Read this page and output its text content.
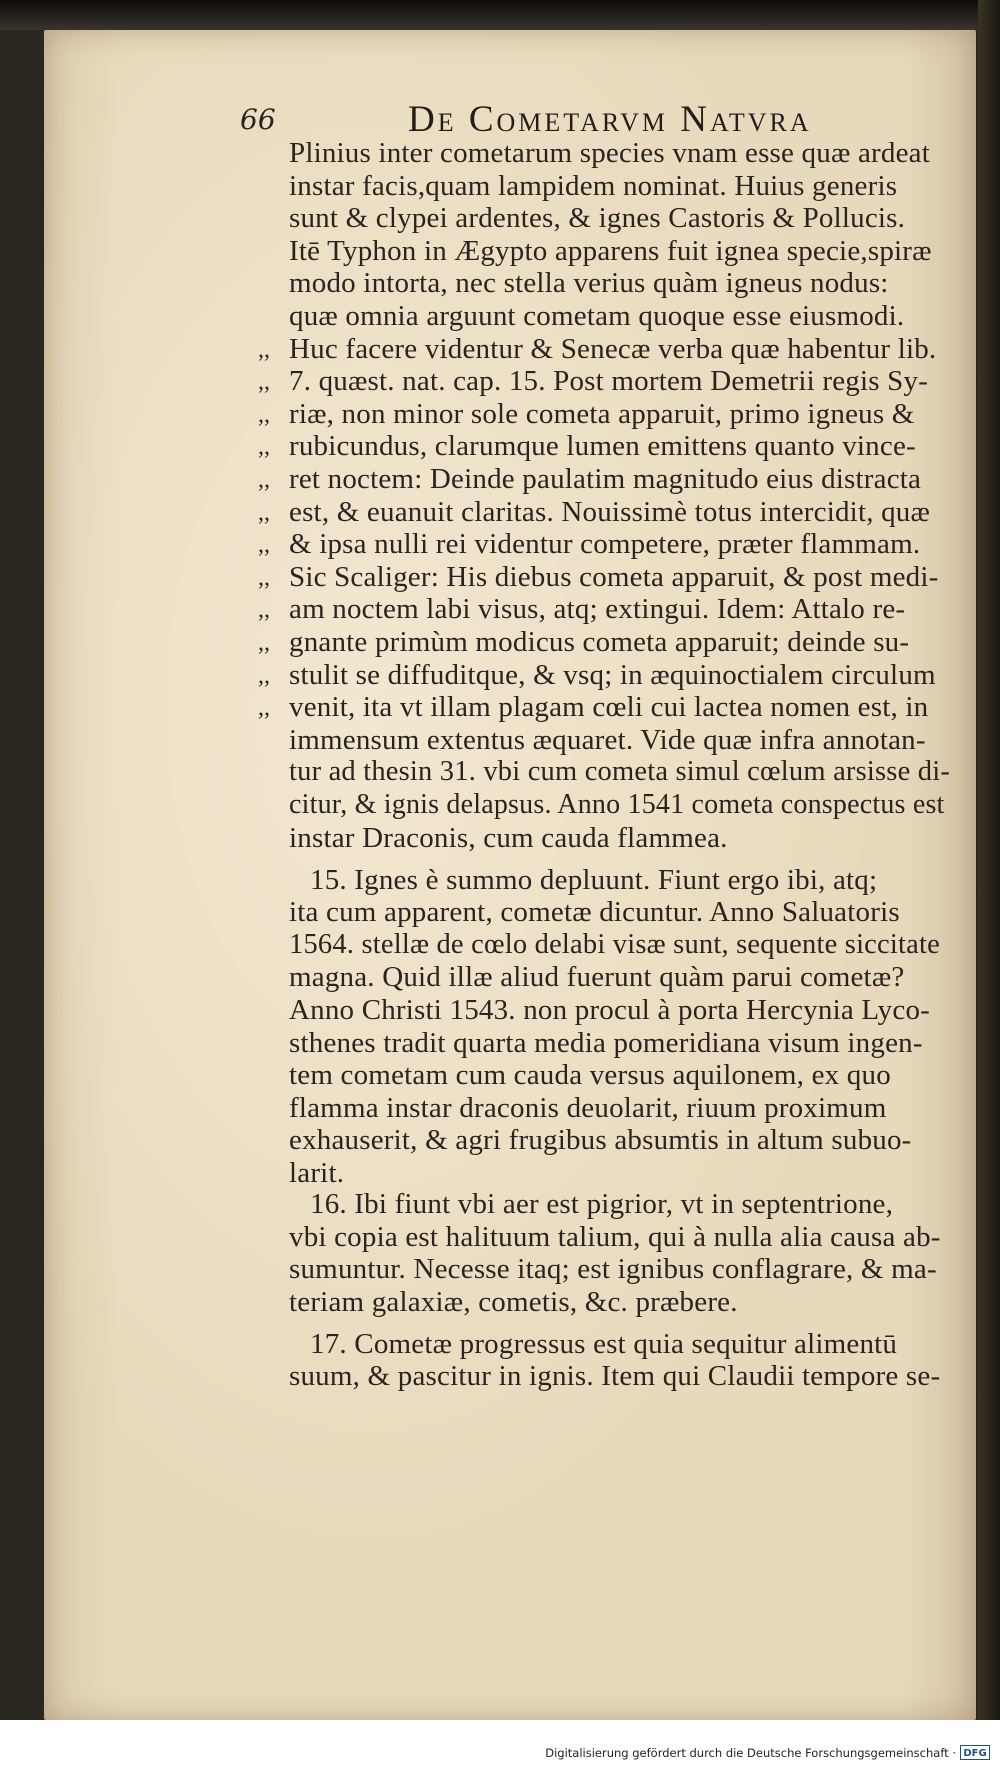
66	De Cometarvm Natvra
Plinius inter cometarum species vnam esse quæ ardeat
instar facis,quam lampidem nominat. Huius generis
sunt & clypei ardentes, & ignes Castoris & Pollucis.
Itē Typhon in Ægypto apparens fuit ignea specie,spiræ
modo intorta, nec stella verius quàm igneus nodus:
quæ omnia arguunt cometam quoque esse eiusmodi.
Huc facere videntur & Senecæ verba quæ habentur lib.
7. quæst. nat. cap. 15. Post mortem Demetrii regis Sy-
riæ, non minor sole cometa apparuit, primo igneus &
rubicundus, clarumque lumen emittens quanto vince-
ret noctem: Deinde paulatim magnitudo eius distracta
est, & euanuit claritas. Nouissimè totus intercidit, quæ
& ipsa nulli rei videntur competere, præter flammam.
Sic Scaliger: His diebus cometa apparuit, & post medi-
am noctem labi visus, atq; extingui. Idem: Attalo re-
gnante primùm modicus cometa apparuit; deinde su-
stulit se diffuditque, & vsq; in æquinoctialem circulum
venit, ita vt illam plagam cœli cui lactea nomen est, in
immensum extentus æquaret. Vide quæ infra annotan-
tur ad thesin 31. vbi cum cometa simul cœlum arsisse di-
citur, & ignis delapsus. Anno 1541 cometa conspectus est
instar Draconis, cum cauda flammea.
15. Ignes è summo depluunt. Fiunt ergo ibi, atq;
ita cum apparent, cometæ dicuntur. Anno Saluatoris
1564. stellæ de cœlo delabi visæ sunt, sequente siccitate
magna. Quid illæ aliud fuerunt quàm parui cometæ?
Anno Christi 1543. non procul à porta Hercynia Lyco-
sthenes tradit quarta media pomeridiana visum ingen-
tem cometam cum cauda versus aquilonem, ex quo
flamma instar draconis deuolarit, riuum proximum
exhauserit, & agri frugibus absumtis in altum subuo-
larit.
16. Ibi fiunt vbi aer est pigrior, vt in septentrione,
vbi copia est halituum talium, qui à nulla alia causa ab-
sumuntur. Necesse itaq; est ignibus conflagrare, & ma-
teriam galaxiæ, cometis, &c. præbere.
17. Cometæ progressus est quia sequitur alimentū
suum, & pascitur in ignis. Item qui Claudii tempore se-
,,
,,
,,
,,
,,
,,
,,
,,
,,
,,
,,
,,
Digitalisierung gefördert durch die Deutsche Forschungsgemeinschaft · DFG
